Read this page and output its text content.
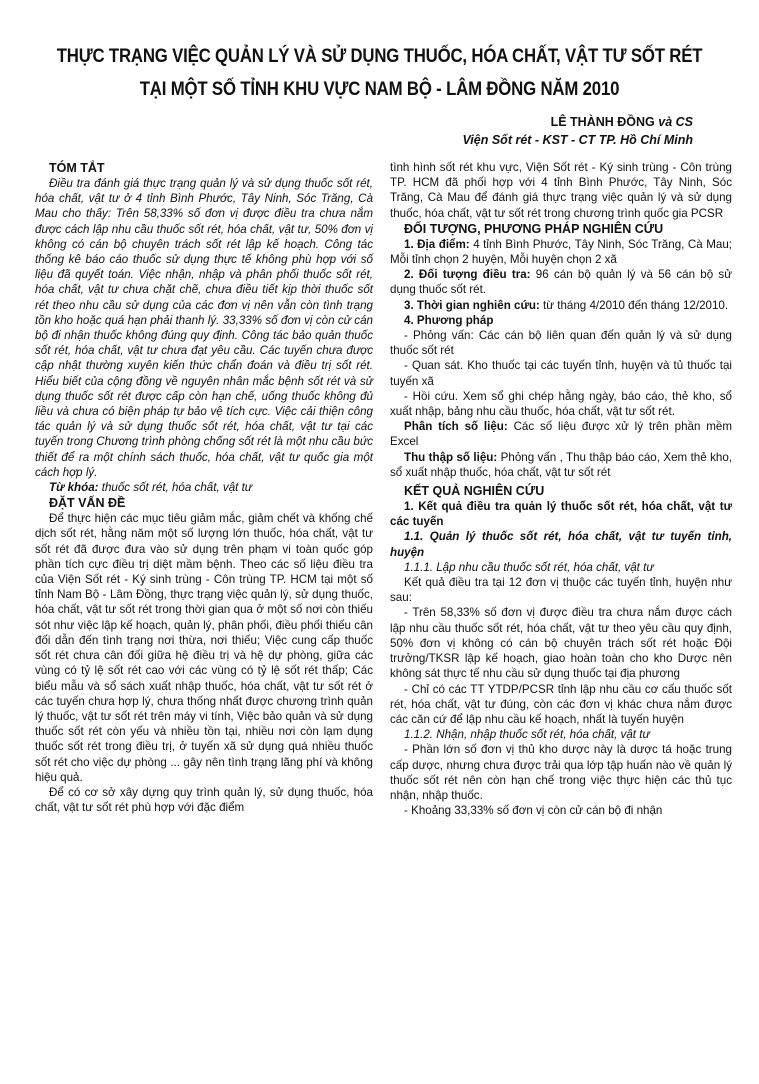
THỰC TRẠNG VIỆC QUẢN LÝ VÀ SỬ DỤNG THUỐC, HÓA CHẤT, VẬT TƯ SỐT RÉT
TẠI MỘT SỐ TỈNH KHU VỰC NAM BỘ - LÂM ĐỒNG NĂM 2010
LÊ THÀNH ĐỒNG và CS
Viện Sốt rét - KST - CT TP. Hồ Chí Minh

TÓM TẮT

Điều tra đánh giá thực trạng quản lý và sử dụng thuốc sốt rét, hóa chất, vật tư ở 4 tỉnh Bình Phước, Tây Ninh, Sóc Trăng, Cà Mau cho thấy: Trên 58,33% số đơn vị được điều tra chưa nắm được cách lập nhu cầu thuốc sốt rét, hóa chất, vật tư, 50% đơn vị không có cán bộ chuyên trách sốt rét lập kế hoạch. Công tác thống kê báo cáo thuốc sử dụng thực tế không phù hợp với số liệu đã quyết toán. Việc nhận, nhập và phân phối thuốc sốt rét, hóa chất, vật tư chưa chặt chẽ, chưa điều tiết kịp thời thuốc sốt rét theo nhu cầu sử dụng của các đơn vị nên vẫn còn tình trạng tồn kho hoặc quá hạn phải thanh lý. 33,33% số đơn vị còn cử cán bộ đi nhận thuốc không đúng quy định. Công tác bảo quản thuốc sốt rét, hóa chất, vật tư chưa đạt yêu cầu. Các tuyến chưa được cập nhật thường xuyên kiến thức chẩn đoán và điều trị sốt rét. Hiểu biết của cộng đồng về nguyên nhân mắc bệnh sốt rét và sử dụng thuốc sốt rét được cấp còn hạn chế, uống thuốc không đủ liều và chưa có biện pháp tự bảo vệ tích cực. Việc cải thiện công tác quản lý và sử dụng thuốc sốt rét, hóa chất, vật tư tại các tuyến trong Chương trình phòng chống sốt rét là một nhu cầu bức thiết để ra một chính sách thuốc, hóa chất, vật tư quốc gia một cách hợp lý.

Từ khóa: thuốc sốt rét, hóa chất, vật tư

ĐẶT VẤN ĐỀ

Để thực hiện các mục tiêu giảm mắc, giảm chết và khống chế dịch sốt rét, hằng năm một số lượng lớn thuốc, hóa chất, vật tư sốt rét đã được đưa vào sử dụng trên phạm vi toàn quốc góp phần tích cực điều trị diệt mầm bệnh. Theo các số liệu điều tra của Viện Sốt rét - Ký sinh trùng - Côn trùng TP. HCM tại một số tỉnh Nam Bộ - Lâm Đồng, thực trạng việc quản lý, sử dụng thuốc, hóa chất, vật tư sốt rét trong thời gian qua ở một số nơi còn thiếu sót như việc lập kế hoạch, quản lý, phân phối, điều phối thiếu cân đối dẫn đến tình trạng nơi thừa, nơi thiếu; Việc cung cấp thuốc sốt rét chưa cân đối giữa hệ điều trị và hệ dự phòng, giữa các vùng có tỷ lệ sốt rét cao với các vùng có tỷ lệ sốt rét thấp; Các biểu mẫu và sổ sách xuất nhập thuốc, hóa chất, vật tư sốt rét ở các tuyến chưa hợp lý, chưa thống nhất được chương trình quản lý thuốc, vật tư sốt rét trên máy vi tính, Việc bảo quản và sử dụng thuốc sốt rét còn yếu và nhiều tồn tại, nhiều nơi còn lạm dụng thuốc sốt rét trong điều trị, ở tuyến xã sử dụng quá nhiều thuốc sốt rét cho việc dự phòng ... gây nên tình trạng lãng phí và không hiệu quả.

Để có cơ sở xây dựng quy trình quản lý, sử dụng thuốc, hóa chất, vật tư sốt rét phù hợp với đặc điểm

tình hình sốt rét khu vực, Viện Sốt rét - Ký sinh trùng - Côn trùng TP. HCM đã phối hợp với 4 tỉnh Bình Phước, Tây Ninh, Sóc Trăng, Cà Mau để đánh giá thực trạng việc quản lý và sử dụng thuốc, hóa chất, vật tư sốt rét trong chương trình quốc gia PCSR

ĐỐI TƯỢNG, PHƯƠNG PHÁP NGHIÊN CỨU

1. Địa điểm: 4 tỉnh Bình Phước, Tây Ninh, Sóc Trăng, Cà Mau; Mỗi tỉnh chọn 2 huyện, Mỗi huyện chọn 2 xã

2. Đối tượng điều tra: 96 cán bộ quản lý và 56 cán bộ sử dụng thuốc sốt rét.

3. Thời gian nghiên cứu: từ tháng 4/2010 đến tháng 12/2010.

4. Phương pháp

- Phỏng vấn: Các cán bộ liên quan đến quản lý và sử dụng thuốc sốt rét

- Quan sát. Kho thuốc tại các tuyến tỉnh, huyện và tủ thuốc tại tuyến xã

- Hồi cứu. Xem sổ ghi chép hằng ngày, báo cáo, thẻ kho, sổ xuất nhập, bảng nhu cầu thuốc, hóa chất, vật tư sốt rét.

Phân tích số liệu: Các số liệu được xử lý trên phần mềm Excel

Thu thập số liệu: Phỏng vấn , Thu thập báo cáo, Xem thẻ kho, sổ xuất nhập thuốc, hóa chất, vật tư sốt rét

KẾT QUẢ NGHIÊN CỨU

1. Kết quả điều tra quản lý thuốc sốt rét, hóa chất, vật tư các tuyến

1.1. Quản lý thuốc sốt rét, hóa chất, vật tư tuyến tỉnh, huyện

1.1.1. Lập nhu cầu thuốc sốt rét, hóa chất, vật tư

Kết quả điều tra tại 12 đơn vị thuộc các tuyến tỉnh, huyện như sau:

- Trên 58,33% số đơn vị được điều tra chưa nắm được cách lập nhu cầu thuốc sốt rét, hóa chất, vật tư theo yêu cầu quy định, 50% đơn vị không có cán bộ chuyên trách sốt rét hoặc Đội trưởng/TKSR lập kế hoạch, giao hoàn toàn cho kho Dược nên không sát thực tế nhu cầu sử dụng thuốc tại địa phương

- Chỉ có các TT YTDP/PCSR tỉnh lập nhu cầu cơ cấu thuốc sốt rét, hóa chất, vật tư đúng, còn các đơn vị khác chưa nắm được các căn cứ để lập nhu cầu kế hoạch, nhất là tuyến huyện

1.1.2. Nhận, nhập thuốc sốt rét, hóa chất, vật tư

- Phần lớn số đơn vị thủ kho dược này là dược tá hoặc trung cấp dược, nhưng chưa được trải qua lớp tập huấn nào về quản lý thuốc sốt rét nên còn hạn chế trong việc thực hiện các thủ tục nhận, nhập thuốc.

- Khoảng 33,33% số đơn vị còn cử cán bộ đi nhận
